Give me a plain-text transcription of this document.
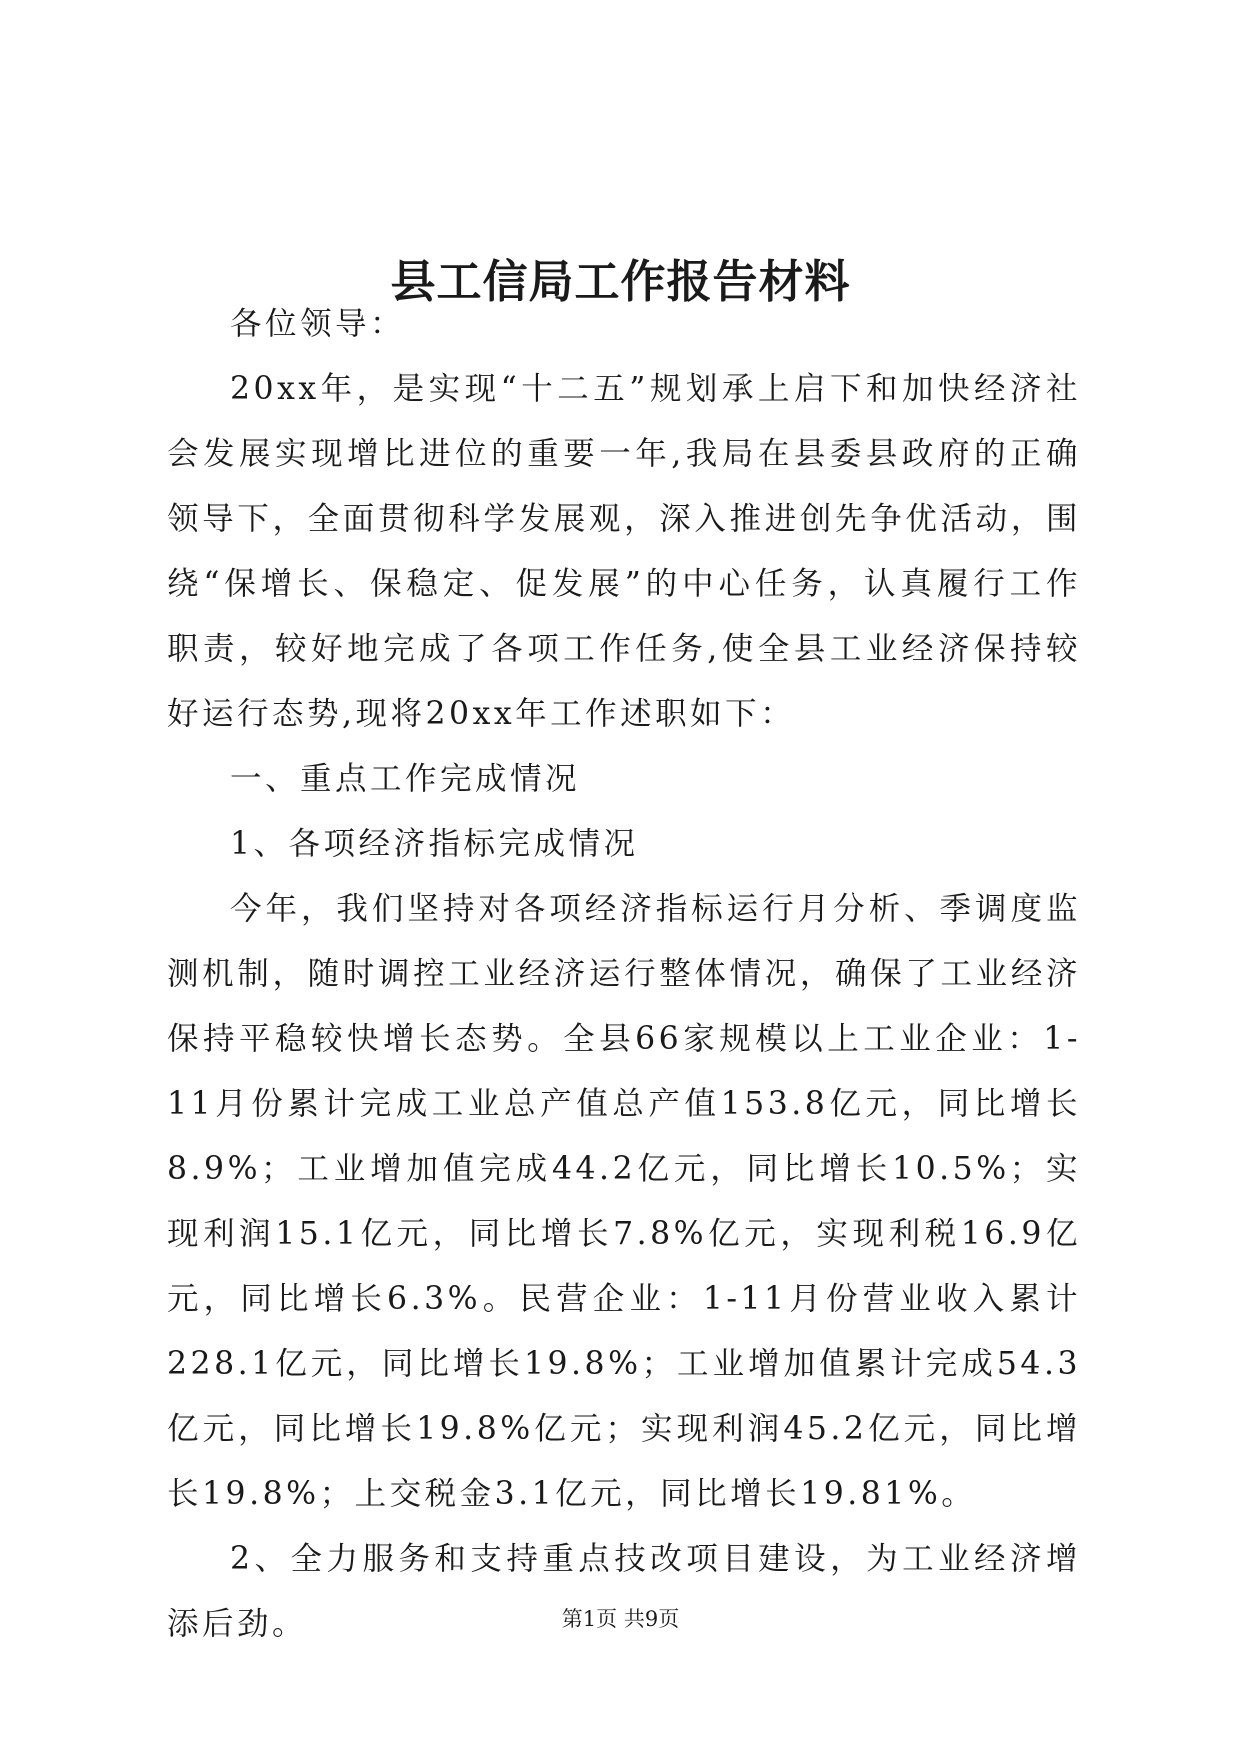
县工信局工作报告材料

各位领导：

20xx年，是实现“十二五”规划承上启下和加快经济社会发展实现增比进位的重要一年,我局在县委县政府的正确领导下，全面贯彻科学发展观，深入推进创先争优活动，围绕“保增长、保稳定、促发展”的中心任务，认真履行工作职责，较好地完成了各项工作任务,使全县工业经济保持较好运行态势,现将20xx年工作述职如下：

一、重点工作完成情况

1、各项经济指标完成情况

今年，我们坚持对各项经济指标运行月分析、季调度监测机制，随时调控工业经济运行整体情况，确保了工业经济保持平稳较快增长态势。全县66家规模以上工业企业：1-11月份累计完成工业总产值总产值153.8亿元，同比增长8.9%；工业增加值完成44.2亿元，同比增长10.5%；实现利润15.1亿元，同比增长7.8%亿元，实现利税16.9亿元，同比增长6.3%。民营企业：1-11月份营业收入累计228.1亿元，同比增长19.8%；工业增加值累计完成54.3亿元，同比增长19.8%亿元；实现利润45.2亿元，同比增长19.8%；上交税金3.1亿元，同比增长19.81%。

2、全力服务和支持重点技改项目建设，为工业经济增添后劲。	第1页 共9页
